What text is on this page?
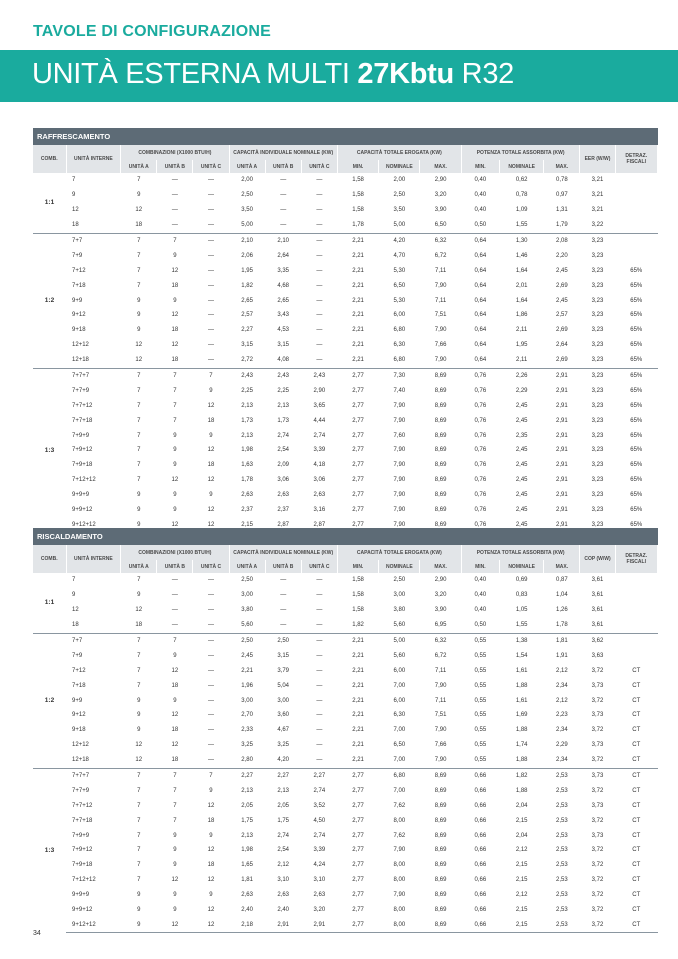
TAVOLE DI CONFIGURAZIONE
UNITÀ ESTERNA MULTI 27Kbtu R32
RAFFRESCAMENTO
COMB.	UNITÀ INTERNE	COMBINAZIONI (X1000 BTU/H)			CAPACITÀ INDIVIDUALE NOMINALE (KW)			CAPACITÀ TOTALE EROGATA (KW)			POTENZA TOTALE ASSORBITA (KW)			EER (W/W)	DETRAZ. FISCALI
		UNITÀ A	UNITÀ B	UNITÀ C	UNITÀ A	UNITÀ B	UNITÀ C	MIN.	NOMINALE	MAX.	MIN.	NOMINALE	MAX.		
1:1	7	7	—	—	2,00	—	—	1,58	2,00	2,90	0,40	0,62	0,78	3,21	
	9	9	—	—	2,50	—	—	1,58	2,50	3,20	0,40	0,78	0,97	3,21	
	12	12	—	—	3,50	—	—	1,58	3,50	3,90	0,40	1,09	1,31	3,21	
	18	18	—	—	5,00	—	—	1,78	5,00	6,50	0,50	1,55	1,79	3,22	
1:2	7+7	7	7	—	2,10	2,10	—	2,21	4,20	6,32	0,64	1,30	2,08	3,23	
	7+9	7	9	—	2,06	2,64	—	2,21	4,70	6,72	0,64	1,46	2,20	3,23	
	7+12	7	12	—	1,95	3,35	—	2,21	5,30	7,11	0,64	1,64	2,45	3,23	65%
	7+18	7	18	—	1,82	4,68	—	2,21	6,50	7,90	0,64	2,01	2,69	3,23	65%
	9+9	9	9	—	2,65	2,65	—	2,21	5,30	7,11	0,64	1,64	2,45	3,23	65%
	9+12	9	12	—	2,57	3,43	—	2,21	6,00	7,51	0,64	1,86	2,57	3,23	65%
	9+18	9	18	—	2,27	4,53	—	2,21	6,80	7,90	0,64	2,11	2,69	3,23	65%
	12+12	12	12	—	3,15	3,15	—	2,21	6,30	7,66	0,64	1,95	2,64	3,23	65%
	12+18	12	18	—	2,72	4,08	—	2,21	6,80	7,90	0,64	2,11	2,69	3,23	65%
1:3	7+7+7	7	7	7	2,43	2,43	2,43	2,77	7,30	8,69	0,76	2,26	2,91	3,23	65%
	7+7+9	7	7	9	2,25	2,25	2,90	2,77	7,40	8,69	0,76	2,29	2,91	3,23	65%
	7+7+12	7	7	12	2,13	2,13	3,65	2,77	7,90	8,69	0,76	2,45	2,91	3,23	65%
	7+7+18	7	7	18	1,73	1,73	4,44	2,77	7,90	8,69	0,76	2,45	2,91	3,23	65%
	7+9+9	7	9	9	2,13	2,74	2,74	2,77	7,60	8,69	0,76	2,35	2,91	3,23	65%
	7+9+12	7	9	12	1,98	2,54	3,39	2,77	7,90	8,69	0,76	2,45	2,91	3,23	65%
	7+9+18	7	9	18	1,63	2,09	4,18	2,77	7,90	8,69	0,76	2,45	2,91	3,23	65%
	7+12+12	7	12	12	1,78	3,06	3,06	2,77	7,90	8,69	0,76	2,45	2,91	3,23	65%
	9+9+9	9	9	9	2,63	2,63	2,63	2,77	7,90	8,69	0,76	2,45	2,91	3,23	65%
	9+9+12	9	9	12	2,37	2,37	3,16	2,77	7,90	8,69	0,76	2,45	2,91	3,23	65%
	9+12+12	9	12	12	2,15	2,87	2,87	2,77	7,90	8,69	0,76	2,45	2,91	3,23	65%
RISCALDAMENTO
COMB.	UNITÀ INTERNE	COMBINAZIONI (X1000 BTU/H)			CAPACITÀ INDIVIDUALE NOMINALE (KW)			CAPACITÀ TOTALE EROGATA (KW)			POTENZA TOTALE ASSORBITA (KW)			COP (W/W)	DETRAZ. FISCALI
		UNITÀ A	UNITÀ B	UNITÀ C	UNITÀ A	UNITÀ B	UNITÀ C	MIN.	NOMINALE	MAX.	MIN.	NOMINALE	MAX.		
1:1	7	7	—	—	2,50	—	—	1,58	2,50	2,90	0,40	0,69	0,87	3,61	
	9	9	—	—	3,00	—	—	1,58	3,00	3,20	0,40	0,83	1,04	3,61	
	12	12	—	—	3,80	—	—	1,58	3,80	3,90	0,40	1,05	1,26	3,61	
	18	18	—	—	5,60	—	—	1,82	5,60	6,95	0,50	1,55	1,78	3,61	
1:2	7+7	7	7	—	2,50	2,50	—	2,21	5,00	6,32	0,55	1,38	1,81	3,62	
	7+9	7	9	—	2,45	3,15	—	2,21	5,60	6,72	0,55	1,54	1,91	3,63	
	7+12	7	12	—	2,21	3,79	—	2,21	6,00	7,11	0,55	1,61	2,12	3,72	CT
	7+18	7	18	—	1,96	5,04	—	2,21	7,00	7,90	0,55	1,88	2,34	3,73	CT
	9+9	9	9	—	3,00	3,00	—	2,21	6,00	7,11	0,55	1,61	2,12	3,72	CT
	9+12	9	12	—	2,70	3,60	—	2,21	6,30	7,51	0,55	1,69	2,23	3,73	CT
	9+18	9	18	—	2,33	4,67	—	2,21	7,00	7,90	0,55	1,88	2,34	3,72	CT
	12+12	12	12	—	3,25	3,25	—	2,21	6,50	7,66	0,55	1,74	2,29	3,73	CT
	12+18	12	18	—	2,80	4,20	—	2,21	7,00	7,90	0,55	1,88	2,34	3,72	CT
1:3	7+7+7	7	7	7	2,27	2,27	2,27	2,77	6,80	8,69	0,66	1,82	2,53	3,73	CT
	7+7+9	7	7	9	2,13	2,13	2,74	2,77	7,00	8,69	0,66	1,88	2,53	3,72	CT
	7+7+12	7	7	12	2,05	2,05	3,52	2,77	7,62	8,69	0,66	2,04	2,53	3,73	CT
	7+7+18	7	7	18	1,75	1,75	4,50	2,77	8,00	8,69	0,66	2,15	2,53	3,72	CT
	7+9+9	7	9	9	2,13	2,74	2,74	2,77	7,62	8,69	0,66	2,04	2,53	3,73	CT
	7+9+12	7	9	12	1,98	2,54	3,39	2,77	7,90	8,69	0,66	2,12	2,53	3,72	CT
	7+9+18	7	9	18	1,65	2,12	4,24	2,77	8,00	8,69	0,66	2,15	2,53	3,72	CT
	7+12+12	7	12	12	1,81	3,10	3,10	2,77	8,00	8,69	0,66	2,15	2,53	3,72	CT
	9+9+9	9	9	9	2,63	2,63	2,63	2,77	7,90	8,69	0,66	2,12	2,53	3,72	CT
	9+9+12	9	9	12	2,40	2,40	3,20	2,77	8,00	8,69	0,66	2,15	2,53	3,72	CT
	9+12+12	9	12	12	2,18	2,91	2,91	2,77	8,00	8,69	0,66	2,15	2,53	3,72	CT
34
